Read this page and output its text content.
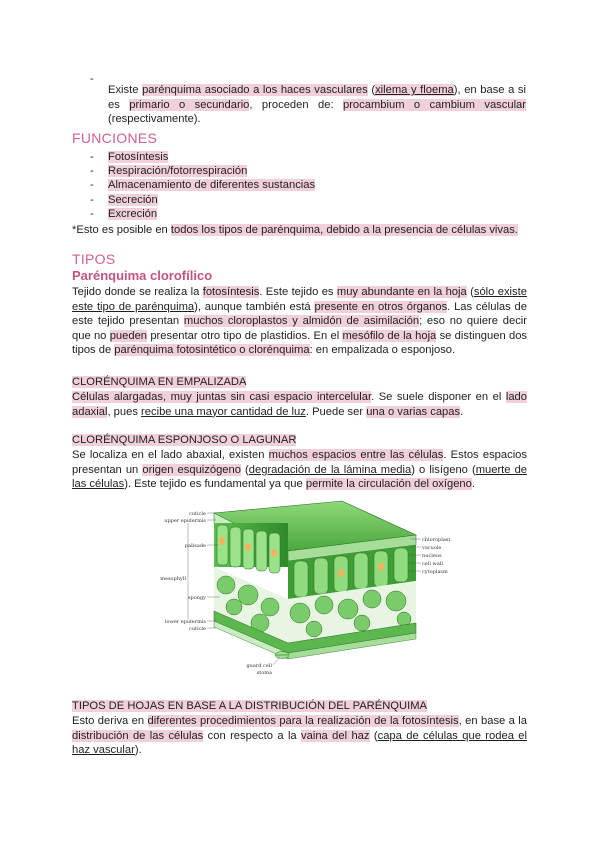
-

Existe parénquima asociado a los haces vasculares (xilema y floema), en base a si es primario o secundario, proceden de: procambium o cambium vascular (respectivamente).

FUNCIONES
- Fotosíntesis
- Respiración/fotorrespiración
- Almacenamiento de diferentes sustancias
- Secreción
- Excreción

*Esto es posible en todos los tipos de parénquima, debido a la presencia de células vivas.

TIPOS
Parénquima clorofílico

Tejido donde se realiza la fotosíntesis. Este tejido es muy abundante en la hoja (sólo existe este tipo de parénquima), aunque también está presente en otros órganos. Las células de este tejido presentan muchos cloroplastos y almidón de asimilación; eso no quiere decir que no pueden presentar otro tipo de plastidios. En el mesófilo de la hoja se distinguen dos tipos de parénquima fotosintético o clorénquima: en empalizada o esponjoso.

CLORÉNQUIMA EN EMPALIZADA

Células alargadas, muy juntas sin casi espacio intercelular. Se suele disponer en el lado adaxial, pues recibe una mayor cantidad de luz. Puede ser una o varias capas.

CLORÉNQUIMA ESPONJOSO O LAGUNAR

Se localiza en el lado abaxial, existen muchos espacios entre las células. Estos espacios presentan un origen esquizógeno (degradación de la lámina media) o lisígeno (muerte de las células). Este tejido es fundamental ya que permite la circulación del oxígeno.

cuticle
upper epidermis
palisade
mesophyll
spongy
lower epidermis
cuticle
guard cell
stoma
chloroplast
vacuole
nucleus
cell wall
cytoplasm
TIPOS DE HOJAS EN BASE A LA DISTRIBUCIÓN DEL PARÉNQUIMA

Esto deriva en diferentes procedimientos para la realización de la fotosíntesis, en base a la distribución de las células con respecto a la vaina del haz (capa de células que rodea el haz vascular).
